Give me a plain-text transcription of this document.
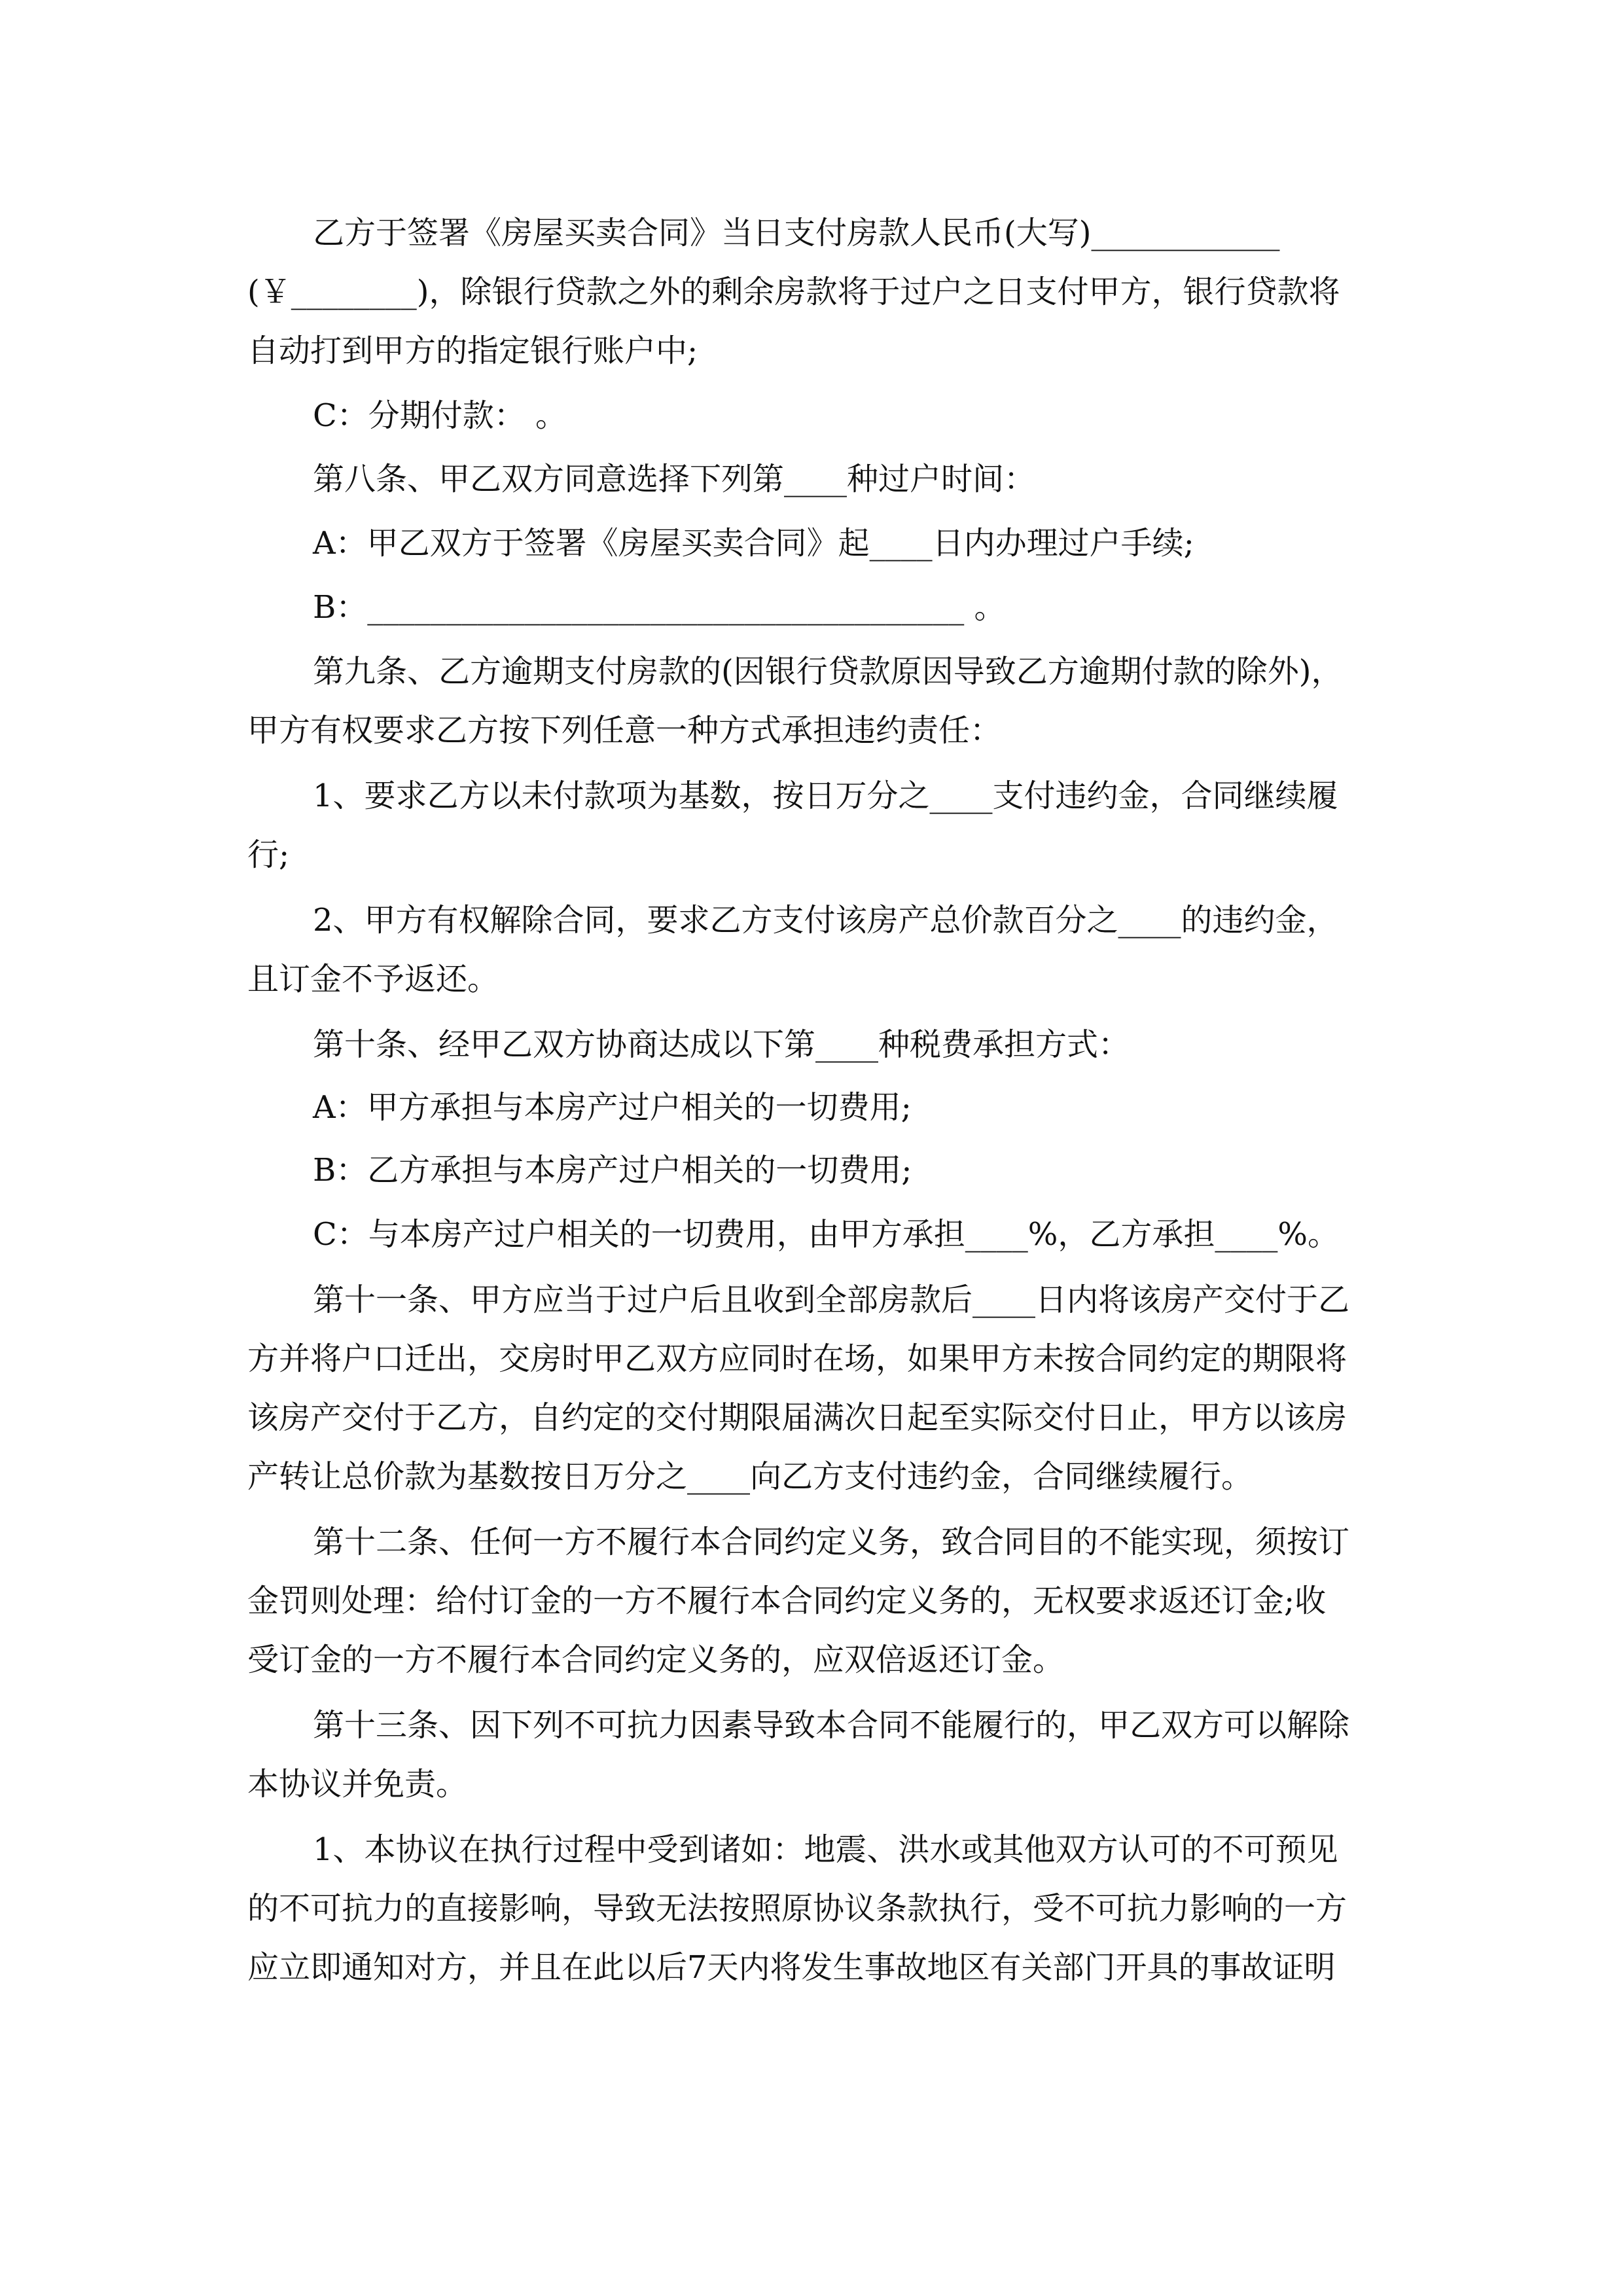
乙方于签署《房屋买卖合同》当日支付房款人民币(大写)____________
(￥________)，除银行贷款之外的剩余房款将于过户之日支付甲方，银行贷款将
自动打到甲方的指定银行账户中;
C：分期付款： 。
第八条、甲乙双方同意选择下列第____种过户时间：
A：甲乙双方于签署《房屋买卖合同》起____日内办理过户手续;
B：______________________________________ 。
第九条、乙方逾期支付房款的(因银行贷款原因导致乙方逾期付款的除外)，
甲方有权要求乙方按下列任意一种方式承担违约责任：
1、要求乙方以未付款项为基数，按日万分之____支付违约金，合同继续履
行;
2、甲方有权解除合同，要求乙方支付该房产总价款百分之____的违约金，
且订金不予返还。
第十条、经甲乙双方协商达成以下第____种税费承担方式：
A：甲方承担与本房产过户相关的一切费用;
B：乙方承担与本房产过户相关的一切费用;
C：与本房产过户相关的一切费用，由甲方承担____%，乙方承担____%。
第十一条、甲方应当于过户后且收到全部房款后____日内将该房产交付于乙
方并将户口迁出，交房时甲乙双方应同时在场，如果甲方未按合同约定的期限将
该房产交付于乙方，自约定的交付期限届满次日起至实际交付日止，甲方以该房
产转让总价款为基数按日万分之____向乙方支付违约金，合同继续履行。
第十二条、任何一方不履行本合同约定义务，致合同目的不能实现，须按订
金罚则处理：给付订金的一方不履行本合同约定义务的，无权要求返还订金;收
受订金的一方不履行本合同约定义务的，应双倍返还订金。
第十三条、因下列不可抗力因素导致本合同不能履行的，甲乙双方可以解除
本协议并免责。
1、本协议在执行过程中受到诸如：地震、洪水或其他双方认可的不可预见
的不可抗力的直接影响，导致无法按照原协议条款执行，受不可抗力影响的一方
应立即通知对方，并且在此以后7天内将发生事故地区有关部门开具的事故证明
